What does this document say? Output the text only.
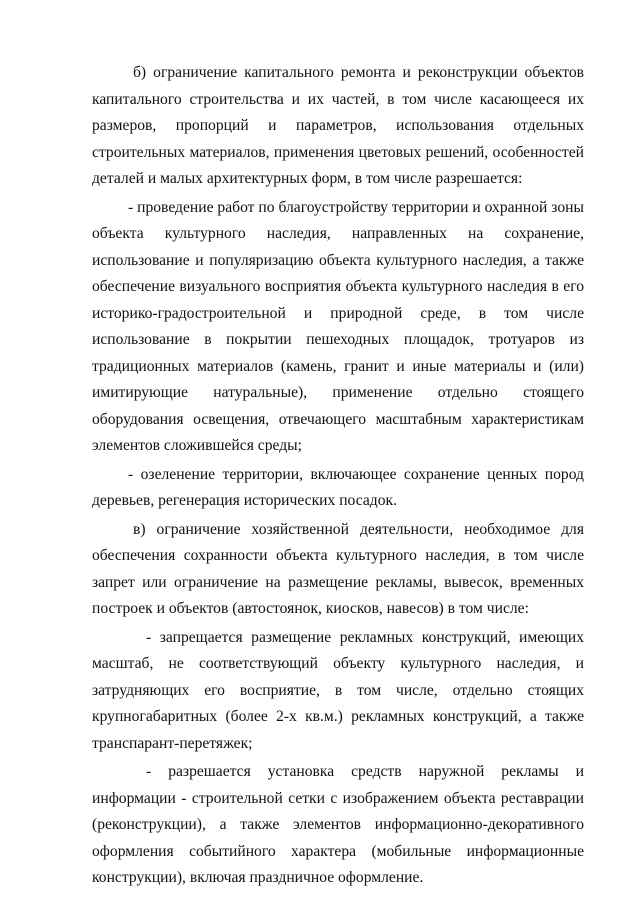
б) ограничение капитального ремонта и реконструкции объектов капитального строительства и их частей, в том числе касающееся их размеров, пропорций и параметров, использования отдельных строительных материалов, применения цветовых решений, особенностей деталей и малых архитектурных форм, в том числе разрешается:

- проведение работ по благоустройству территории и охранной зоны объекта культурного наследия, направленных на сохранение, использование и популяризацию объекта культурного наследия, а также обеспечение визуального восприятия объекта культурного наследия в его историко-градостроительной и природной среде, в том числе использование в покрытии пешеходных площадок, тротуаров из традиционных материалов (камень, гранит и иные материалы и (или) имитирующие натуральные), применение отдельно стоящего оборудования освещения, отвечающего масштабным характеристикам элементов сложившейся среды;

- озеленение территории, включающее сохранение ценных пород деревьев, регенерация исторических посадок.

в) ограничение хозяйственной деятельности, необходимое для обеспечения сохранности объекта культурного наследия, в том числе запрет или ограничение на размещение рекламы, вывесок, временных построек и объектов (автостоянок, киосков, навесов) в том числе:

- запрещается размещение рекламных конструкций, имеющих масштаб, не соответствующий объекту культурного наследия, и затрудняющих его восприятие, в том числе, отдельно стоящих крупногабаритных (более 2-х кв.м.) рекламных конструкций, а также транспарант-перетяжек;

- разрешается установка средств наружной рекламы и информации - строительной сетки с изображением объекта реставрации (реконструкции), а также элементов информационно-декоративного оформления событийного характера (мобильные информационные конструкции), включая праздничное оформление.
